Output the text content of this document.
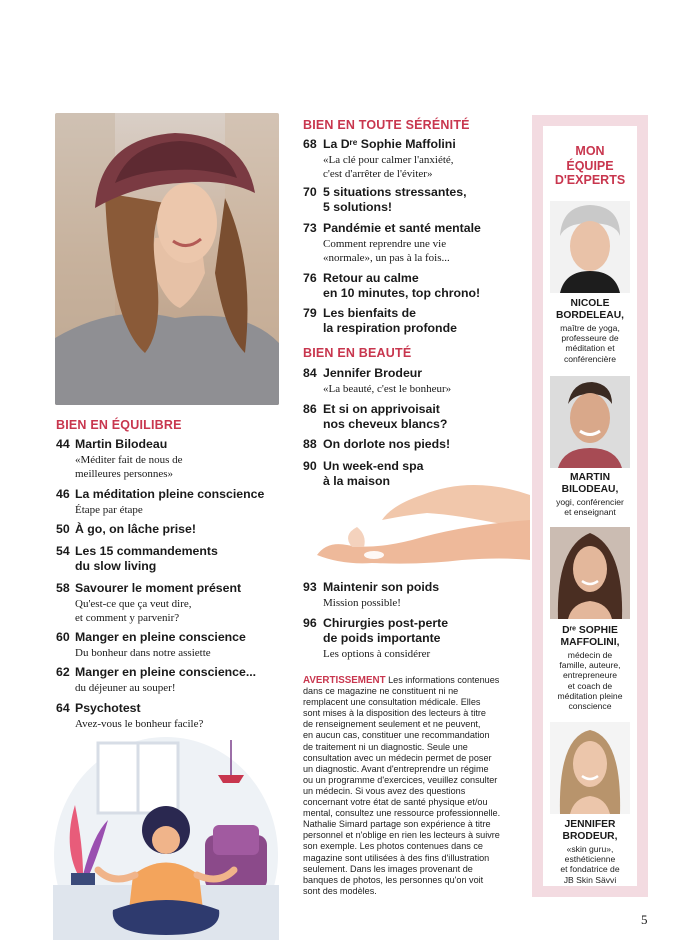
BIEN EN ÉQUILIBRE
44 Martin Bilodeau
«Méditer fait de nous de
meilleures personnes»
46 La méditation pleine conscience
Étape par étape
50 À go, on lâche prise!
54 Les 15 commandements
du slow living
58 Savourer le moment présent
Qu'est-ce que ça veut dire,
et comment y parvenir?
60 Manger en pleine conscience
Du bonheur dans notre assiette
62 Manger en pleine conscience...
du déjeuner au souper!
64 Psychotest
Avez-vous le bonheur facile?
BIEN EN TOUTE SÉRÉNITÉ
68 La Dʳᵉ Sophie Maffolini
«La clé pour calmer l'anxiété,
c'est d'arrêter de l'éviter»
70 5 situations stressantes,
5 solutions!
73 Pandémie et santé mentale
Comment reprendre une vie
«normale», un pas à la fois...
76 Retour au calme
en 10 minutes, top chrono!
79 Les bienfaits de
la respiration profonde
BIEN EN BEAUTÉ
84 Jennifer Brodeur
«La beauté, c'est le bonheur»
86 Et si on apprivoisait
nos cheveux blancs?
88 On dorlote nos pieds!
90 Un week-end spa
à la maison
93 Maintenir son poids
Mission possible!
96 Chirurgies post-perte
de poids importante
Les options à considérer
AVERTISSEMENT Les informations contenues
dans ce magazine ne constituent ni ne
remplacent une consultation médicale. Elles
sont mises à la disposition des lecteurs à titre
de renseignement seulement et ne peuvent,
en aucun cas, constituer une recommandation
de traitement ni un diagnostic. Seule une
consultation avec un médecin permet de poser
un diagnostic. Avant d'entreprendre un régime
ou un programme d'exercices, veuillez consulter
un médecin. Si vous avez des questions
concernant votre état de santé physique et/ou
mental, consultez une ressource professionnelle.
Nathalie Simard partage son expérience à titre
personnel et n'oblige en rien les lecteurs à suivre
son exemple. Les photos contenues dans ce
magazine sont utilisées à des fins d'illustration
seulement. Dans les images provenant de
banques de photos, les personnes qu'on voit
sont des modèles.
MON
ÉQUIPE
D'EXPERTS
NICOLE
BORDELEAU,
maître de yoga,
professeure de
méditation et
conférencière
MARTIN
BILODEAU,
yogi, conférencier
et enseignant
Dʳᵉ SOPHIE
MAFFOLINI,
médecin de
famille, auteure,
entrepreneure
et coach de
méditation pleine
conscience
JENNIFER
BRODEUR,
«skin guru»,
esthéticienne
et fondatrice de
JB Skin Sävvi
5
